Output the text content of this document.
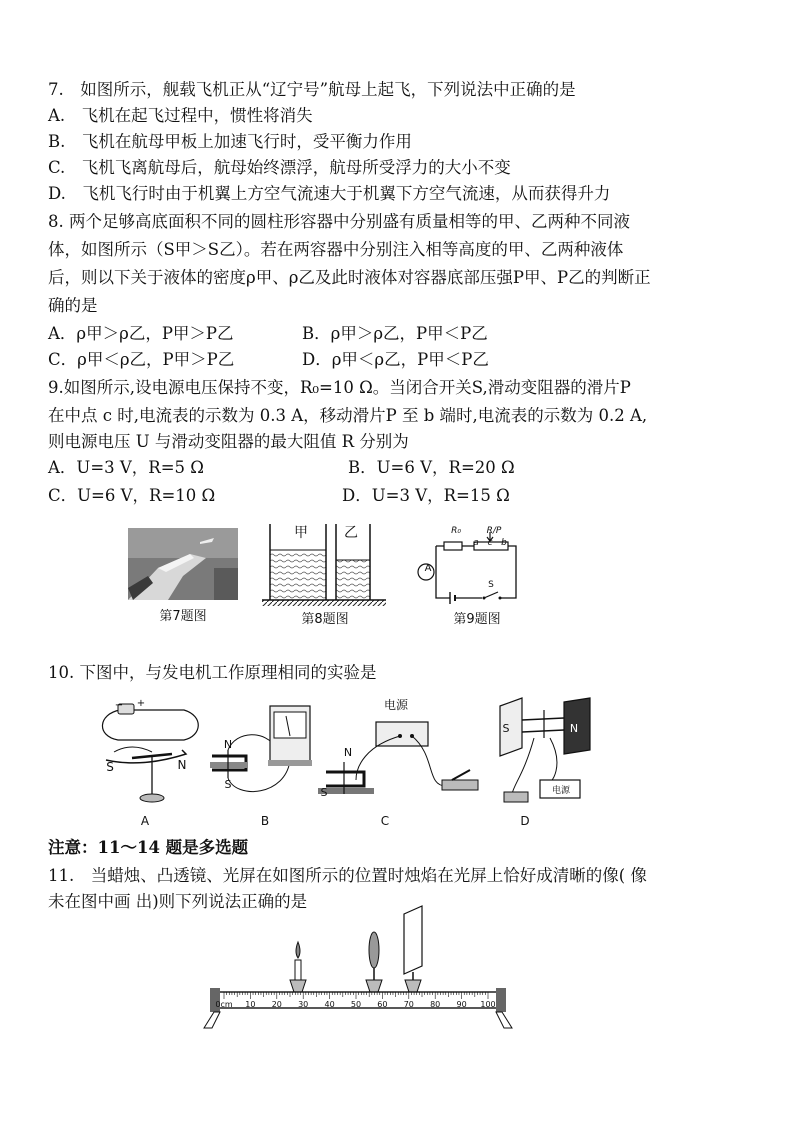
7.　如图所示，舰载飞机正从“辽宁号”航母上起飞，下列说法中正确的是
A.　飞机在起飞过程中，惯性将消失
B.　飞机在航母甲板上加速飞行时，受平衡力作用
C.　飞机飞离航母后，航母始终漂浮，航母所受浮力的大小不变
D.　飞机飞行时由于机翼上方空气流速大于机翼下方空气流速，从而获得升力
8. 两个足够高底面积不同的圆柱形容器中分别盛有质量相等的甲、乙两种不同液
体，如图所示（S甲＞S乙）。若在两容器中分别注入相等高度的甲、乙两种液体
后，则以下关于液体的密度ρ甲、ρ乙及此时液体对容器底部压强P甲、P乙的判断正
确的是
A．ρ甲＞ρ乙，P甲＞P乙	B．ρ甲＞ρ乙，P甲＜P乙
C．ρ甲＜ρ乙，P甲＞P乙	D．ρ甲＜ρ乙，P甲＜P乙
9.如图所示,设电源电压保持不变，R₀=10 Ω。当闭合开关S,滑动变阻器的滑片P
在中点 c 时,电流表的示数为 0.3 A，移动滑片P 至 b 端时,电流表的示数为 0.2 A,
则电源电压 U 与滑动变阻器的最大阻值 R 分别为
A．U=3 V，R=5 Ω	B．U=6 V，R=20 Ω
C．U=6 V，R=10 Ω	D．U=3 V，R=15 Ω
第7题图
甲	乙
第8题图
A
R₀	R/P
a c b
S
第9题图
10. 下图中，与发电机工作原理相同的实验是
− +
S	N
A
N
S
B
电源
N
S
C
S	N
电源
D
注意：11～14 题是多选题
11.　当蜡烛、凸透镜、光屏在如图所示的位置时烛焰在光屏上恰好成清晰的像( 像
未在图中画 出)则下列说法正确的是
0cm	10	20	30	40	50	60	70	80	90	100
